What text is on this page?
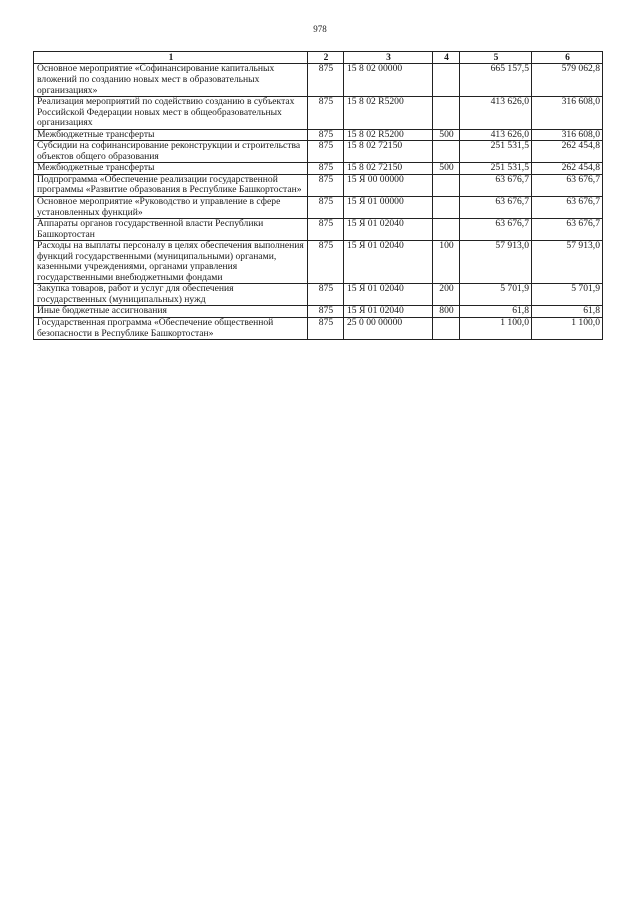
978
1	2	3	4	5	6
Основное мероприятие «Софинансирование капитальных вложений по созданию новых мест в образовательных организациях»	875	15 8 02 00000		665 157,5	579 062,8
Реализация мероприятий по содействию созданию в субъектах Российской Федерации новых мест в общеобразовательных организациях	875	15 8 02 R5200		413 626,0	316 608,0
Межбюджетные трансферты	875	15 8 02 R5200	500	413 626,0	316 608,0
Субсидии на софинансирование реконструкции и строительства объектов общего образования	875	15 8 02 72150		251 531,5	262 454,8
Межбюджетные трансферты	875	15 8 02 72150	500	251 531,5	262 454,8
Подпрограмма «Обеспечение реализации государственной программы «Развитие образования в Республике Башкортостан»	875	15 Я 00 00000		63 676,7	63 676,7
Основное мероприятие «Руководство и управление в сфере установленных функций»	875	15 Я 01 00000		63 676,7	63 676,7
Аппараты органов государственной власти Республики Башкортостан	875	15 Я 01 02040		63 676,7	63 676,7
Расходы на выплаты персоналу в целях обеспечения выполнения функций государственными (муниципальными) органами, казенными учреждениями, органами управления государственными внебюджетными фондами	875	15 Я 01 02040	100	57 913,0	57 913,0
Закупка товаров, работ и услуг для обеспечения государственных (муниципальных) нужд	875	15 Я 01 02040	200	5 701,9	5 701,9
Иные бюджетные ассигнования	875	15 Я 01 02040	800	61,8	61,8
Государственная программа «Обеспечение общественной безопасности в Республике Башкортостан»	875	25 0 00 00000		1 100,0	1 100,0
